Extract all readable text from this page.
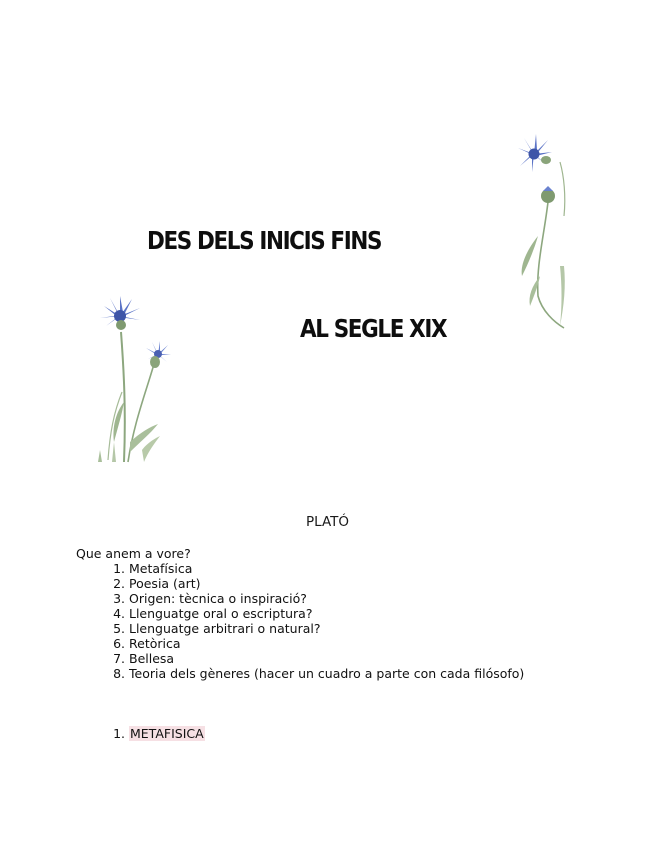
DES DELS INICIS FINS
AL SEGLE XIX
PLATÓ
Que anem a vore?
1. Metafísica
2. Poesia (art)
3. Origen: tècnica o inspiració?
4. Llenguatge oral o escriptura?
5. Llenguatge arbitrari o natural?
6. Retòrica
7. Bellesa
8. Teoria dels gèneres (hacer un cuadro a parte con cada filósofo)
1. METAFISICA
